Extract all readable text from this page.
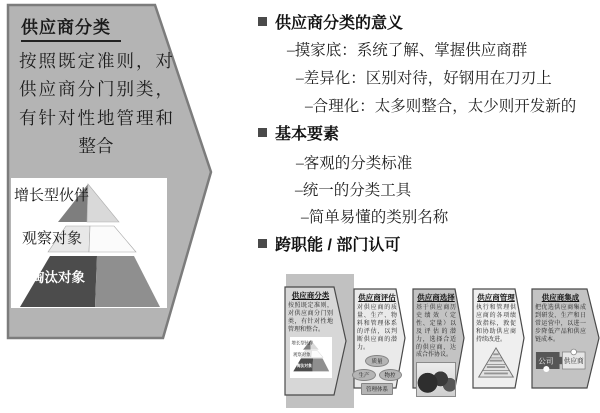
供应商分类
按照既定准则，对供应商分门别类，有针对性地管理和整合
增长型伙伴
观察对象
淘汰对象
供应商分类的意义
–摸家底：系统了解、掌握供应商群
–差异化：区别对待，好钢用在刀刃上
–合理化：太多则整合，太少则开发新的
基本要素
–客观的分类标准
–统一的分类工具
–简单易懂的类别名称
跨职能 / 部门认可
供应商分类
按照既定准则，对供应商分门别类，有针对性地管理和整合。
增长型伙伴
观察对象
淘汰对象
供应商评估
对供应商的质量、生产、物料和管理体系的评估，以判断供应商的潜力。
质量
生产	物控
管理体系
供应商选择
基于供应商历史绩效（定性、定量）以及评估的潜力，选择合适的供应商，达成合作协议。
供应商管理
执行和管理供应商的各项绩效指标，敦促和协助供应商持续改进。
供应商集成
把优选供应商集成到研发、生产和日常运营中，以进一步降低产品和供应链成本。
公司 供应商
